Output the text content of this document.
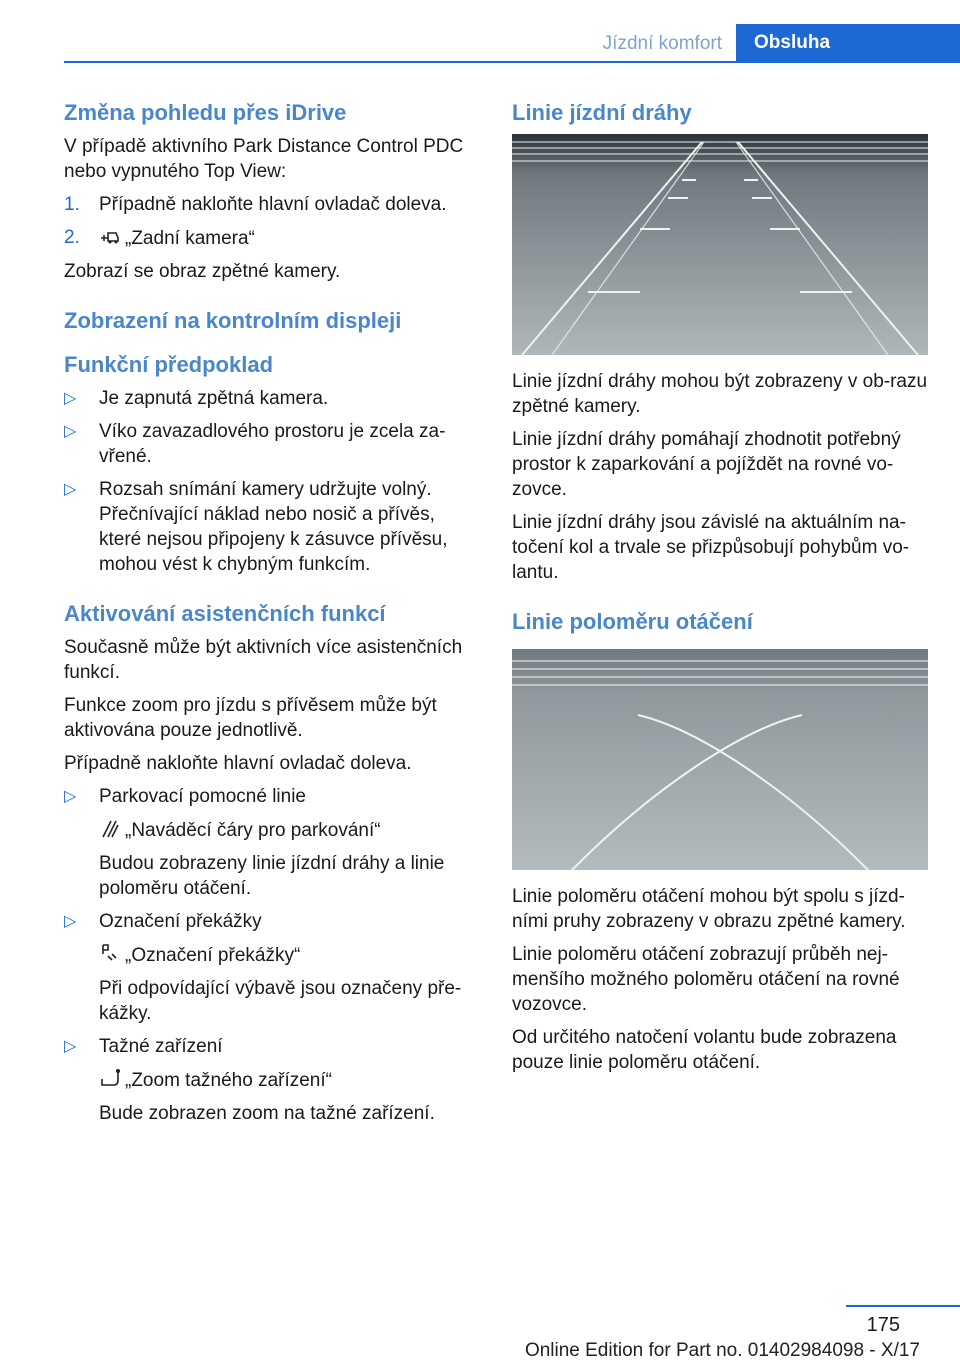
Jízdní komfort	Obsluha
Změna pohledu přes iDrive

V případě aktivního Park Distance Control PDC nebo vypnutého Top View:

1. Případně nakloňte hlavní ovladač doleva.
2. „Zadní kamera“

Zobrazí se obraz zpětné kamery.

Zobrazení na kontrolním displeji
Funkční předpoklad
▷ Je zapnutá zpětná kamera.
▷ Víko zavazadlového prostoru je zcela za-vřené.
▷ Rozsah snímání kamery udržujte volný. Přečnívající náklad nebo nosič a přívěs, které nejsou připojeny k zásuvce přívěsu, mohou vést k chybným funkcím.
Aktivování asistenčních funkcí

Současně může být aktivních více asistenčních funkcí.

Funkce zoom pro jízdu s přívěsem může být aktivována pouze jednotlivě.

Případně nakloňte hlavní ovladač doleva.

▷ Parkovací pomocné linie
„Naváděcí čáry pro parkování“
Budou zobrazeny linie jízdní dráhy a linie poloměru otáčení.
▷ Označení překážky
„Označení překážky“
Při odpovídající výbavě jsou označeny pře-kážky.
▷ Tažné zařízení
„Zoom tažného zařízení“
Bude zobrazen zoom na tažné zařízení.
Linie jízdní dráhy

Linie jízdní dráhy mohou být zobrazeny v ob-razu zpětné kamery.

Linie jízdní dráhy pomáhají zhodnotit potřebný prostor k zaparkování a pojíždět na rovné vo-zovce.

Linie jízdní dráhy jsou závislé na aktuálním na-točení kol a trvale se přizpůsobují pohybům vo-lantu.

Linie poloměru otáčení

Linie poloměru otáčení mohou být spolu s jízd-ními pruhy zobrazeny v obrazu zpětné kamery.

Linie poloměru otáčení zobrazují průběh nej-menšího možného poloměru otáčení na rovné vozovce.

Od určitého natočení volantu bude zobrazena pouze linie poloměru otáčení.

175
Online Edition for Part no. 01402984098 - X/17
